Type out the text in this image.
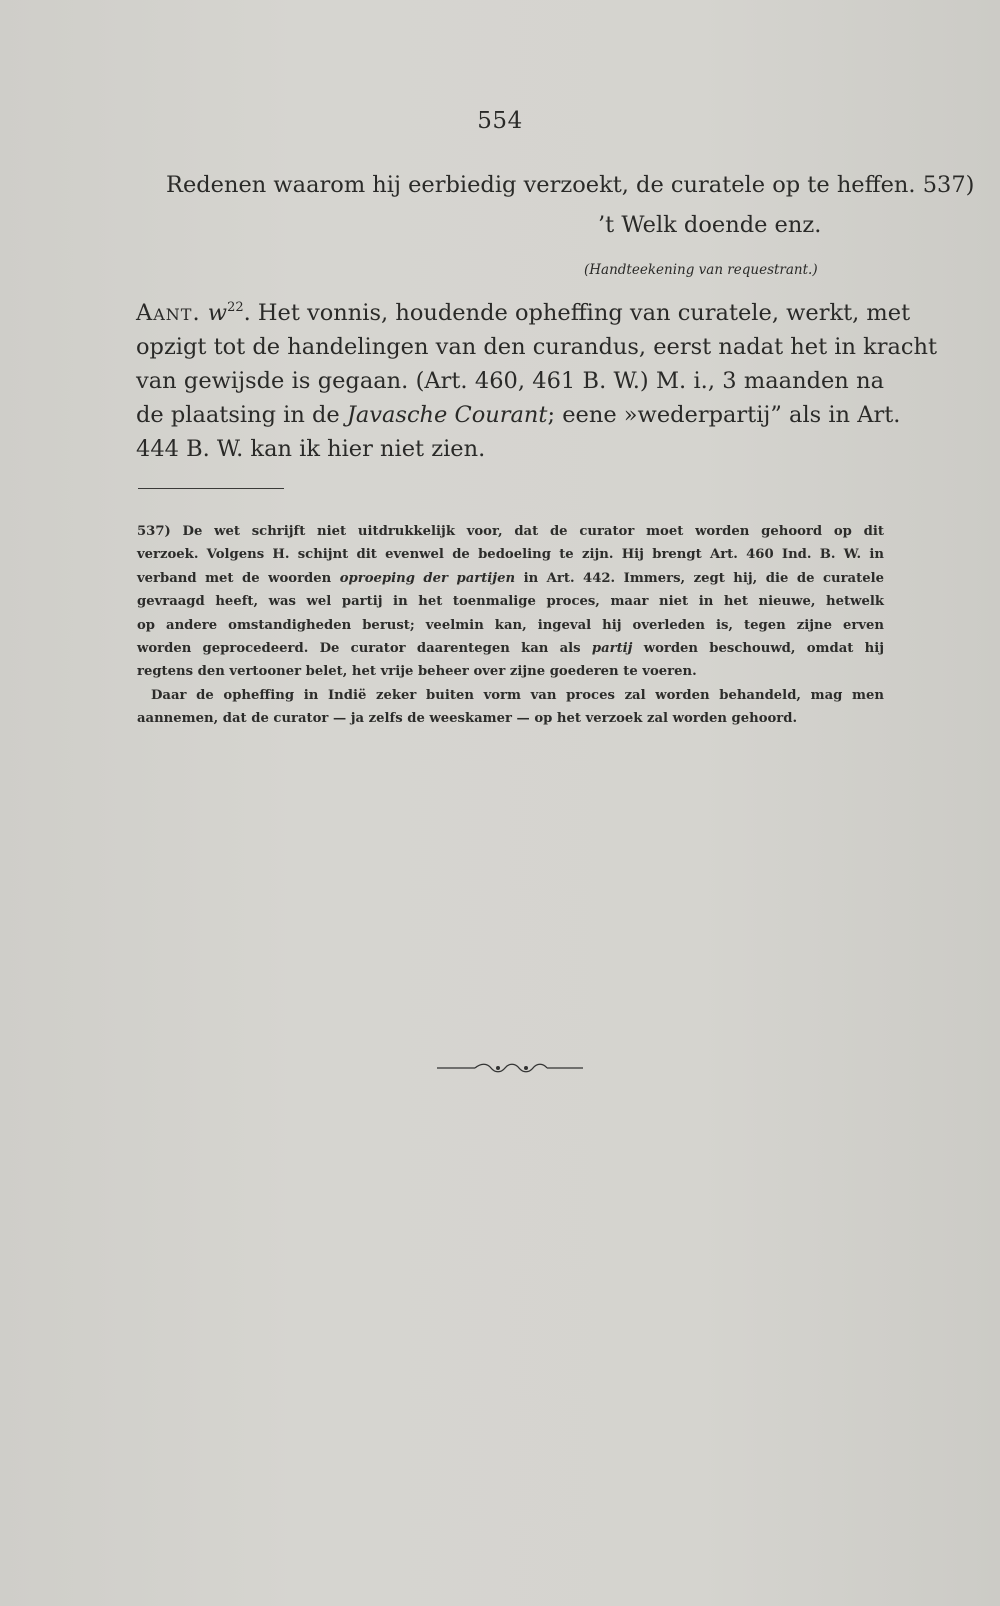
554
Redenen waarom hij eerbiedig verzoekt, de curatele op te heffen. 537)
’t Welk doende enz.
(Handteekening van requestrant.)
Aant. $w^{22}$. Het vonnis, houdende opheffing van curatele, werkt, met
opzigt tot de handelingen van den curandus, eerst nadat het in kracht
van gewijsde is gegaan. (Art. 460, 461 B. W.) M. i., 3 maanden na
de plaatsing in de Javasche Courant; eene »wederpartij” als in Art.
444 B. W. kan ik hier niet zien.
537) De wet schrijft niet uitdrukkelijk voor, dat de curator moet worden gehoord op dit
verzoek. Volgens H. schijnt dit evenwel de bedoeling te zijn. Hij brengt Art. 460 Ind. B. W. in
verband met de woorden oproeping der partijen in Art. 442. Immers, zegt hij, die de curatele
gevraagd heeft, was wel partij in het toenmalige proces, maar niet in het nieuwe, hetwelk
op andere omstandigheden berust; veelmin kan, ingeval hij overleden is, tegen zijne erven
worden geprocedeerd. De curator daarentegen kan als partij worden beschouwd, omdat hij
regtens den vertooner belet, het vrije beheer over zijne goederen te voeren.
Daar de opheffing in Indië zeker buiten vorm van proces zal worden behandeld, mag men
aannemen, dat de curator — ja zelfs de weeskamer — op het verzoek zal worden gehoord.
